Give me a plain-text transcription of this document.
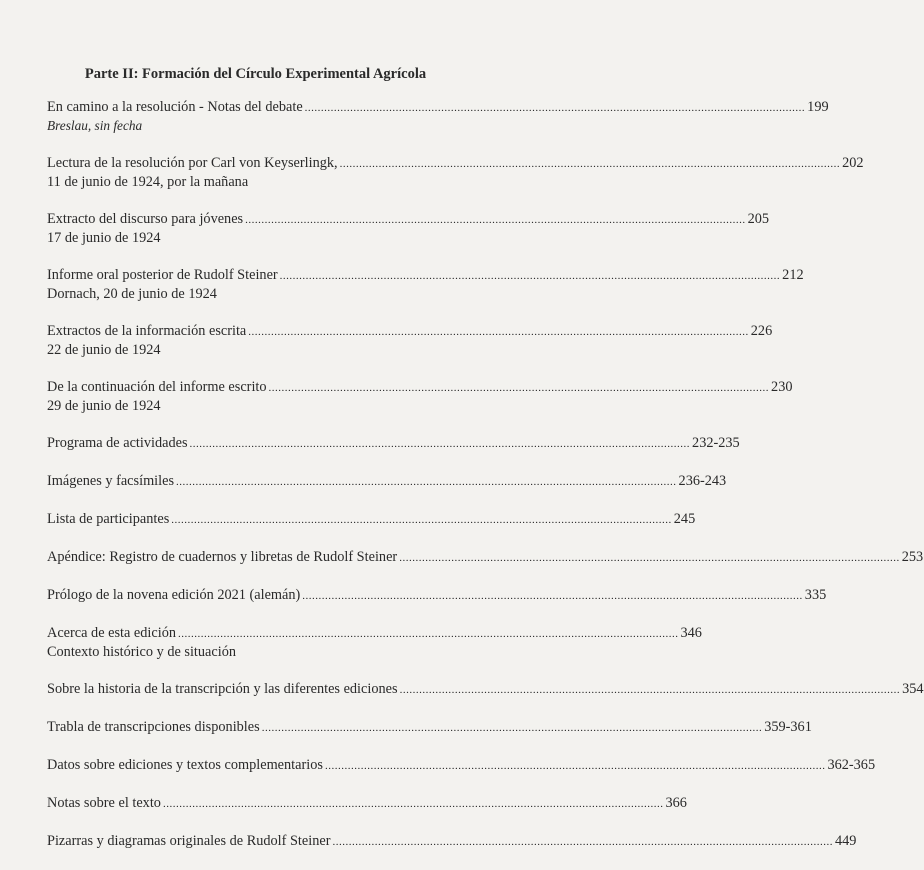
Parte II: Formación del Círculo Experimental Agrícola
En camino a la resolución - Notas del debate .......................................................................................................................................................... 199
Breslau, sin fecha
Lectura de la resolución por Carl von Keyserlingk, .......................................................................................................................................................... 202
11 de junio de 1924, por la mañana
Extracto del discurso para jóvenes .......................................................................................................................................................... 205
17 de junio de 1924
Informe oral posterior de Rudolf Steiner .......................................................................................................................................................... 212
Dornach, 20 de junio de 1924
Extractos de la información escrita .......................................................................................................................................................... 226
22 de junio de 1924
De la continuación del informe escrito .......................................................................................................................................................... 230
29 de junio de 1924
Programa de actividades .......................................................................................................................................................... 232-235
Imágenes y facsímiles .......................................................................................................................................................... 236-243
Lista de participantes .......................................................................................................................................................... 245
Apéndice: Registro de cuadernos y libretas de Rudolf Steiner .......................................................................................................................................................... 253
Prólogo de la novena edición 2021 (alemán) .......................................................................................................................................................... 335
Acerca de esta edición .......................................................................................................................................................... 346
Contexto histórico y de situación
Sobre la historia de la transcripción y las diferentes ediciones .......................................................................................................................................................... 354
Trabla de transcripciones disponibles .......................................................................................................................................................... 359-361
Datos sobre ediciones y textos complementarios .......................................................................................................................................................... 362-365
Notas sobre el texto .......................................................................................................................................................... 366
Pizarras y diagramas originales de Rudolf Steiner .......................................................................................................................................................... 449
